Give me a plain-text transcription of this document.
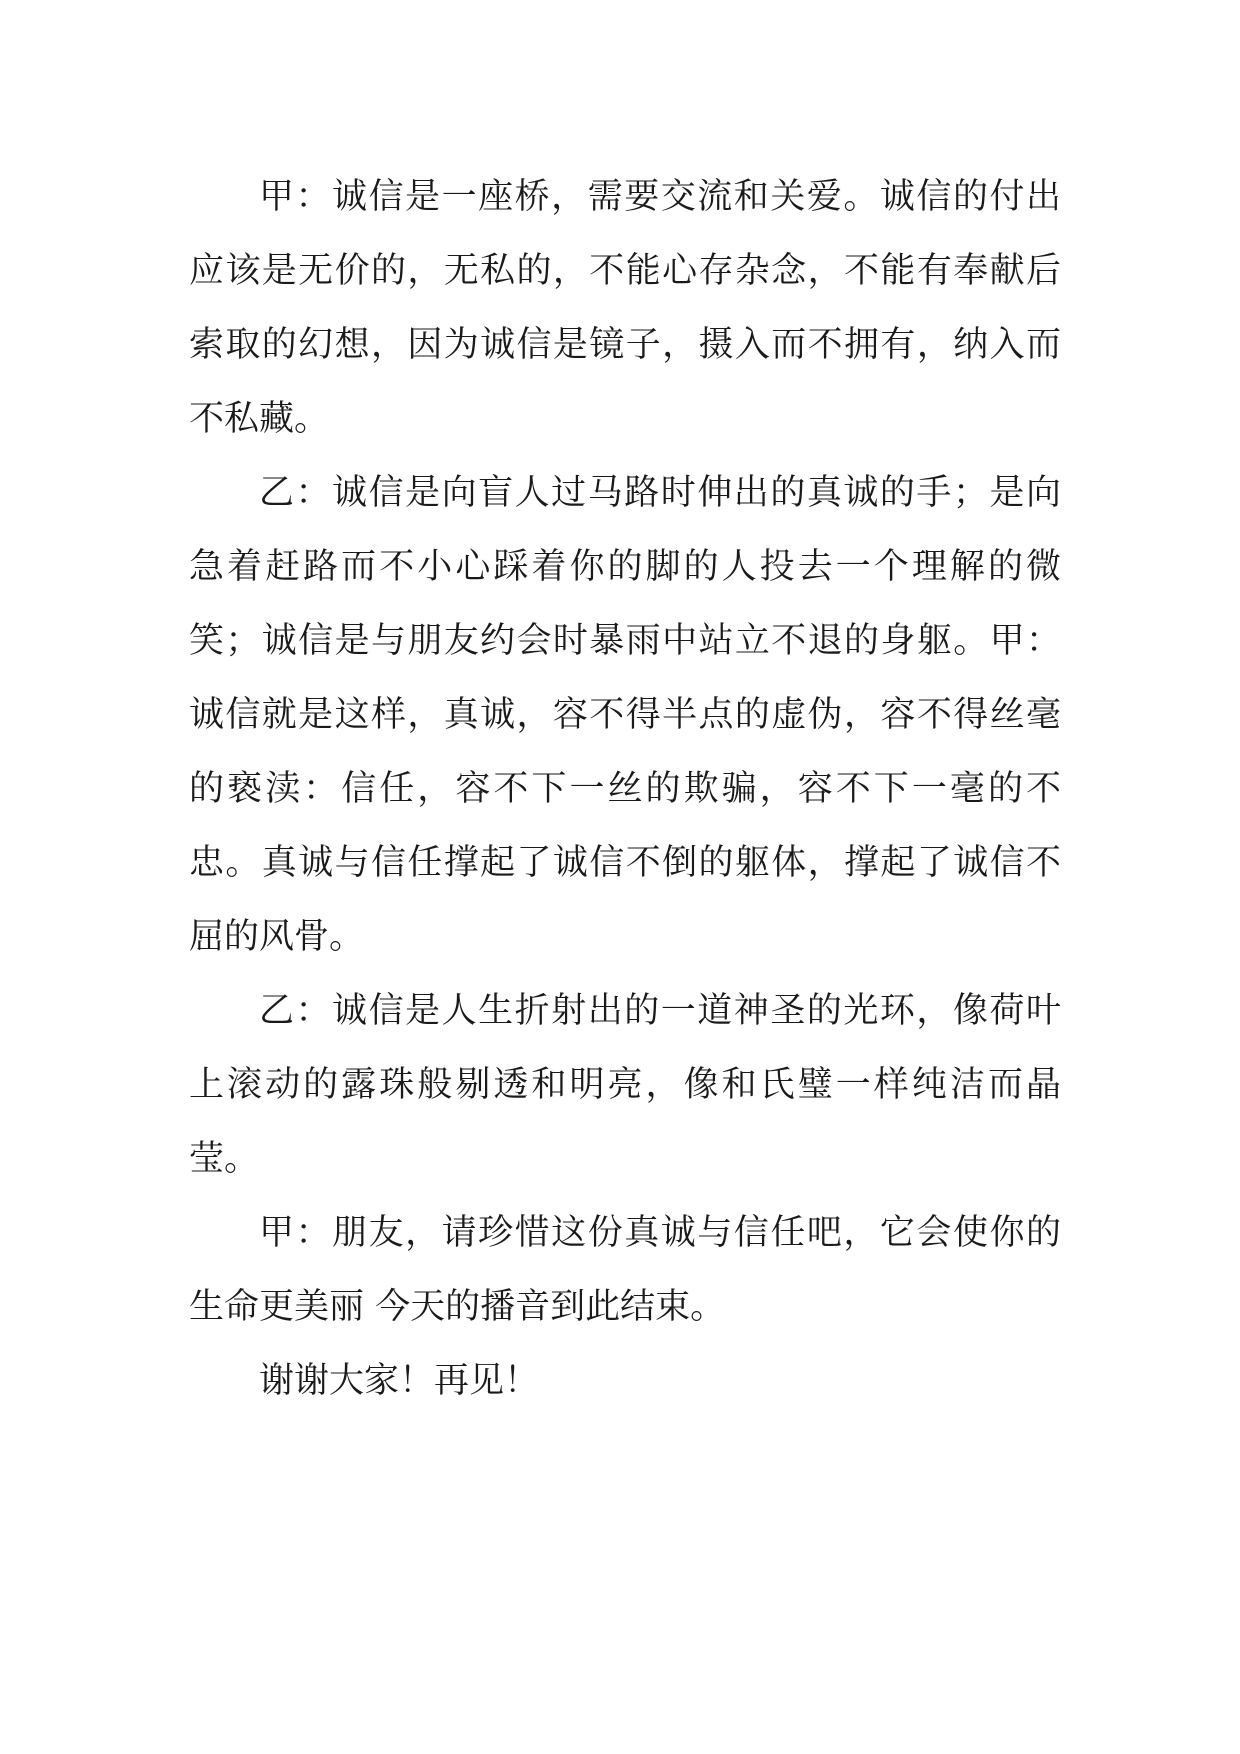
甲：诚信是一座桥，需要交流和关爱。诚信的付出应该是无价的，无私的，不能心存杂念，不能有奉献后索取的幻想，因为诚信是镜子，摄入而不拥有，纳入而不私藏。

乙：诚信是向盲人过马路时伸出的真诚的手；是向急着赶路而不小心踩着你的脚的人投去一个理解的微笑；诚信是与朋友约会时暴雨中站立不退的身躯。甲：诚信就是这样，真诚，容不得半点的虚伪，容不得丝毫的亵渎：信任，容不下一丝的欺骗，容不下一毫的不忠。真诚与信任撑起了诚信不倒的躯体，撑起了诚信不屈的风骨。

乙：诚信是人生折射出的一道神圣的光环，像荷叶上滚动的露珠般剔透和明亮，像和氏璧一样纯洁而晶莹。

甲：朋友，请珍惜这份真诚与信任吧，它会使你的生命更美丽 今天的播音到此结束。

谢谢大家！再见！
